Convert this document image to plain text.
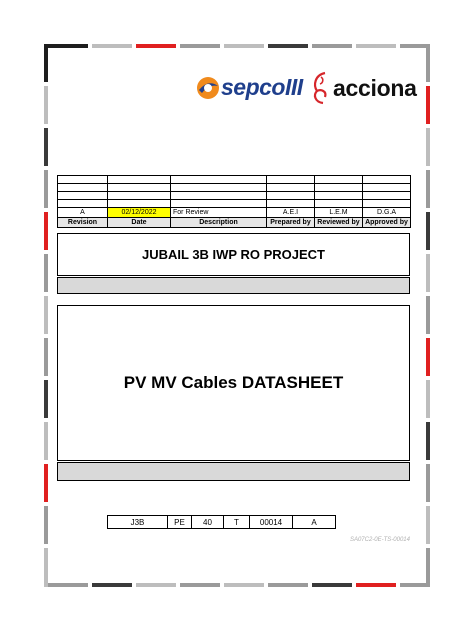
sepcoIII acciona

A	02/12/2022	For Review	A.E.I	L.E.M	D.G.A
Revision	Date	Description	Prepared by	Reviewed by	Approved by
JUBAIL 3B IWP RO PROJECT
PV MV Cables DATASHEET
J3B	PE	40	T	00014	A
SA07C2-0E-TS-00014
